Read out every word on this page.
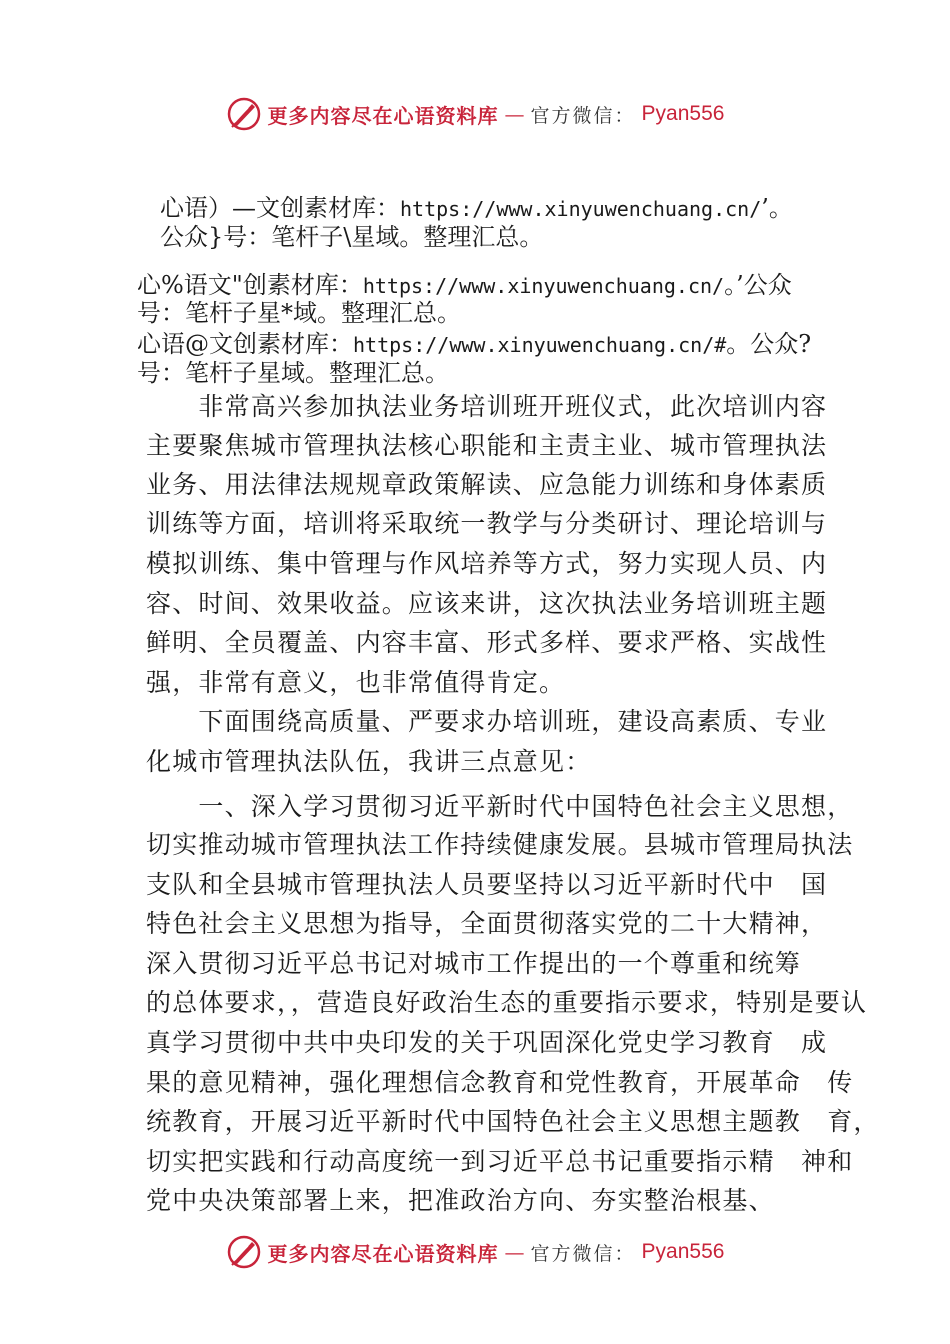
更多内容尽在心语资料库 — 官方微信： Pyan556
心语）—文创素材库：https://www.xinyuwenchuang.cn/’。
公众}号：笔杆子\星域。整理汇总。
心%语文"创素材库：https://www.xinyuwenchuang.cn/。’公众
号：笔杆子星*域。整理汇总。
心语@文创素材库：https://www.xinyuwenchuang.cn/#。公众?
号：笔杆子星域。整理汇总。
　　非常高兴参加执法业务培训班开班仪式，此次培训内容
主要聚焦城市管理执法核心职能和主责主业、城市管理执法
业务、用法律法规规章政策解读、应急能力训练和身体素质
训练等方面，培训将采取统一教学与分类研讨、理论培训与
模拟训练、集中管理与作风培养等方式，努力实现人员、内
容、时间、效果收益。应该来讲，这次执法业务培训班主题
鲜明、全员覆盖、内容丰富、形式多样、要求严格、实战性
强，非常有意义，也非常值得肯定。
　　下面围绕高质量、严要求办培训班，建设高素质、专业
化城市管理执法队伍，我讲三点意见：
　　一、深入学习贯彻习近平新时代中国特色社会主义思想，
切实推动城市管理执法工作持续健康发展。县城市管理局执法
支队和全县城市管理执法人员要坚持以习近平新时代中　国
特色社会主义思想为指导，全面贯彻落实党的二十大精神，
深入贯彻习近平总书记对城市工作提出的一个尊重和统筹
的总体要求，，营造良好政治生态的重要指示要求，特别是要认
真学习贯彻中共中央印发的关于巩固深化党史学习教育　成
果的意见精神，强化理想信念教育和党性教育，开展革命　传
统教育，开展习近平新时代中国特色社会主义思想主题教　育，
切实把实践和行动高度统一到习近平总书记重要指示精　神和
党中央决策部署上来，把准政治方向、夯实整治根基、
更多内容尽在心语资料库 — 官方微信： Pyan556
